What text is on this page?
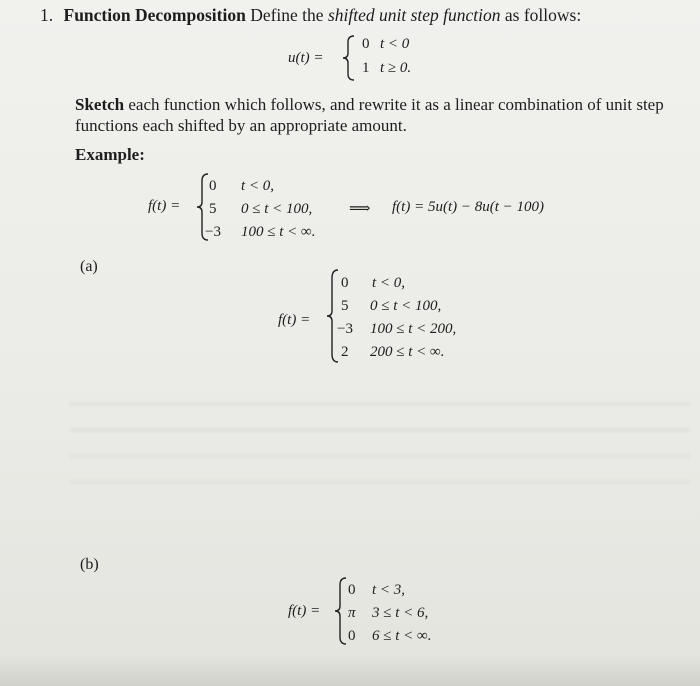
1. Function Decomposition Define the shifted unit step function as follows:
u(t) =
0 t < 0
1 t ≥ 0.
Sketch each function which follows, and rewrite it as a linear combination of unit step functions each shifted by an appropriate amount.
Example:
f(t) =
0 t < 0,
5 0 ≤ t < 100,
−3 100 ≤ t < ∞.
⟹ f(t) = 5u(t) − 8u(t − 100)
(a)
f(t) =
0 t < 0,
5 0 ≤ t < 100,
−3 100 ≤ t < 200,
2 200 ≤ t < ∞.
(b)
f(t) =
0 t < 3,
π 3 ≤ t < 6,
0 6 ≤ t < ∞.
